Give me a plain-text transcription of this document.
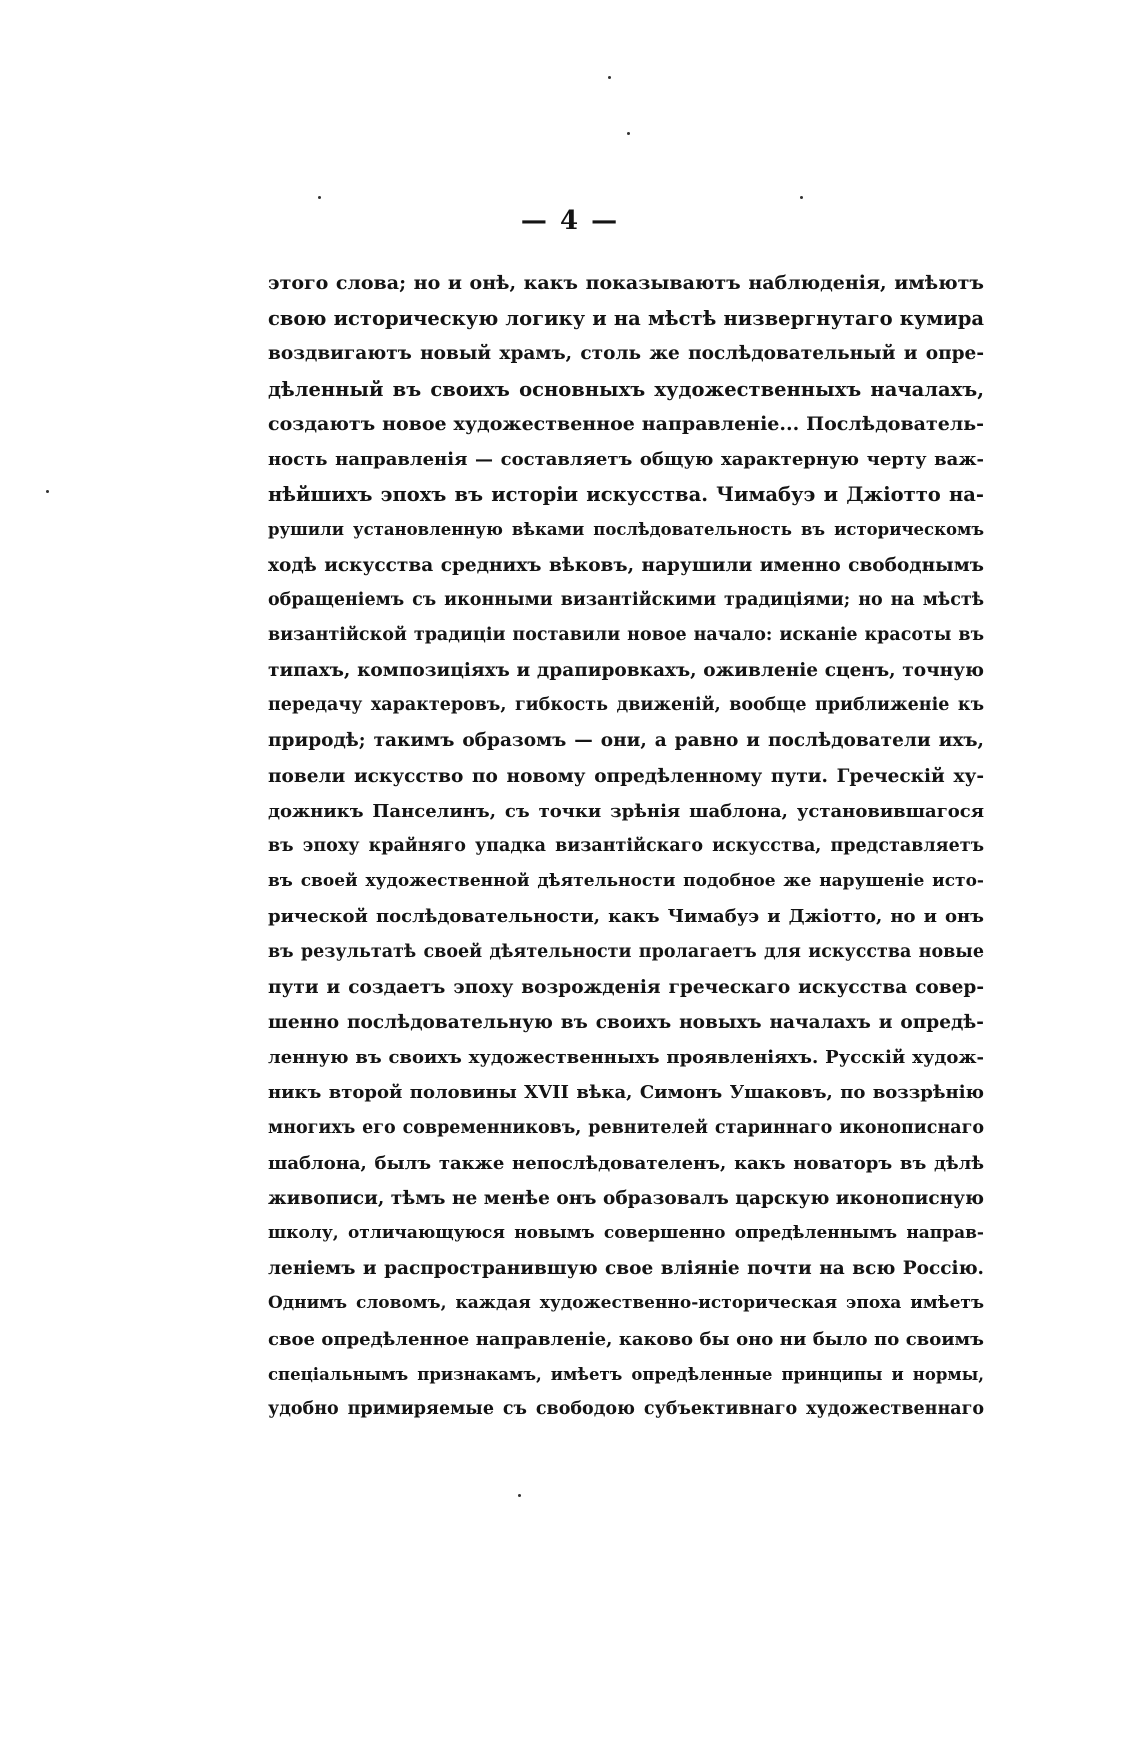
— 4 —
этого слова; но и онѣ, какъ показываютъ наблюденія, имѣютъ
свою историческую логику и на мѣстѣ низвергнутаго кумира
воздвигаютъ новый храмъ, столь же послѣдовательный и опре-
дѣленный въ своихъ основныхъ художественныхъ началахъ,
создаютъ новое художественное направленіе... Послѣдователь-
ность направленія — составляетъ общую характерную черту важ-
нѣйшихъ эпохъ въ исторіи искусства. Чимабуэ и Джіотто на-
рушили установленную вѣками послѣдовательность въ историческомъ
ходѣ искусства среднихъ вѣковъ, нарушили именно свободнымъ
обращеніемъ съ иконными византійскими традиціями; но на мѣстѣ
византійской традиціи поставили новое начало: исканіе красоты въ
типахъ, композиціяхъ и драпировкахъ, оживленіе сценъ, точную
передачу характеровъ, гибкость движеній, вообще приближеніе къ
природѣ; такимъ образомъ — они, а равно и послѣдователи ихъ,
повели искусство по новому опредѣленному пути. Греческій ху-
дожникъ Панселинъ, съ точки зрѣнія шаблона, установившагося
въ эпоху крайняго упадка византійскаго искусства, представляетъ
въ своей художественной дѣятельности подобное же нарушеніе исто-
рической послѣдовательности, какъ Чимабуэ и Джіотто, но и онъ
въ результатѣ своей дѣятельности пролагаетъ для искусства новые
пути и создаетъ эпоху возрожденія греческаго искусства совер-
шенно послѣдовательную въ своихъ новыхъ началахъ и опредѣ-
ленную въ своихъ художественныхъ проявленіяхъ. Русскій худож-
никъ второй половины XVII вѣка, Симонъ Ушаковъ, по воззрѣнію
многихъ его современниковъ, ревнителей стариннаго иконописнаго
шаблона, былъ также непослѣдователенъ, какъ новаторъ въ дѣлѣ
живописи, тѣмъ не менѣе онъ образовалъ царскую иконописную
школу, отличающуюся новымъ совершенно опредѣленнымъ направ-
леніемъ и распространившую свое вліяніе почти на всю Россію.
Однимъ словомъ, каждая художественно-историческая эпоха имѣетъ
свое опредѣленное направленіе, каково бы оно ни было по своимъ
спеціальнымъ признакамъ, имѣетъ опредѣленные принципы и нормы,
удобно примиряемые съ свободою субъективнаго художественнаго
